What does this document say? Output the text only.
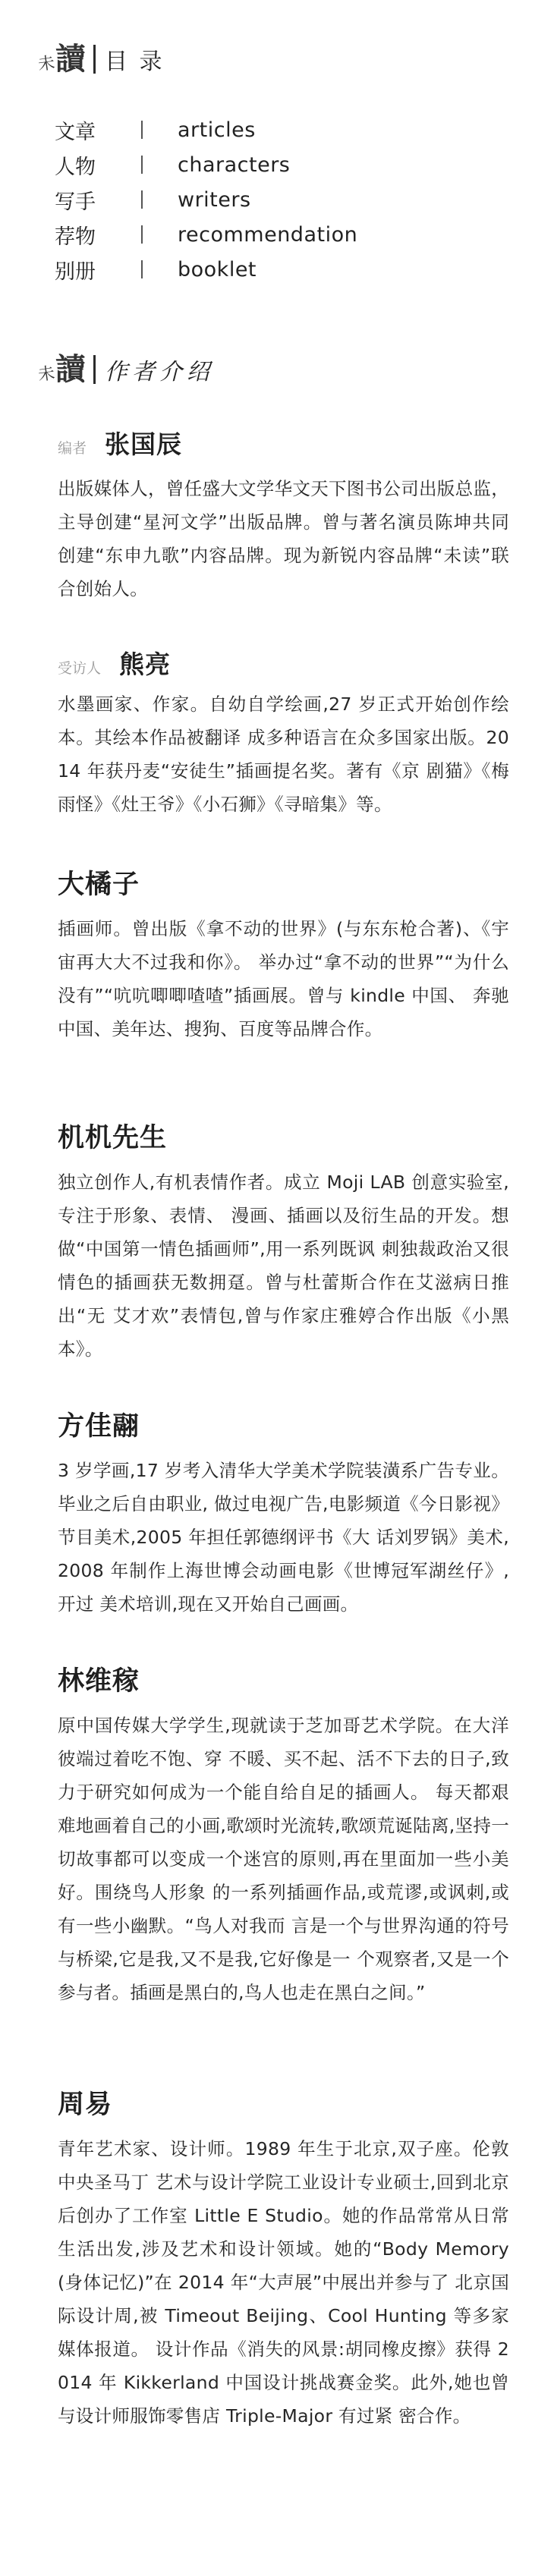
未 讀 目 录
文章	articles
人物	characters
写手	writers
荐物	recommendation
别册	booklet
未 讀 作者介绍
编者 张国辰
出版媒体人，曾任盛大文学华文天下图书公司出版总监，主导创建“星河文学”出版品牌。曾与著名演员陈坤共同创建“东申九歌”内容品牌。现为新锐内容品牌“未读”联合创始人。
受访人 熊亮
水墨画家、作家。自幼自学绘画,27 岁正式开始创作绘本。其绘本作品被翻译 成多种语言在众多国家出版。2014 年获丹麦“安徒生”插画提名奖。著有《京 剧猫》《梅雨怪》《灶王爷》《小石狮》《寻暗集》等。
大橘子
插画师。曾出版《拿不动的世界》(与东东枪合著)、《宇宙再大大不过我和你》。 举办过“拿不动的世界”“为什么没有”“吭吭唧唧喳喳”插画展。曾与 kindle 中国、 奔驰中国、美年达、搜狗、百度等品牌合作。
机机先生
独立创作人,有机表情作者。成立 Moji LAB 创意实验室,专注于形象、表情、 漫画、插画以及衍生品的开发。想做“中国第一情色插画师”,用一系列既讽 刺独裁政治又很情色的插画获无数拥趸。曾与杜蕾斯合作在艾滋病日推出“无 艾才欢”表情包,曾与作家庄雅婷合作出版《小黑本》。
方佳翮
3 岁学画,17 岁考入清华大学美术学院装潢系广告专业。毕业之后自由职业, 做过电视广告,电影频道《今日影视》节目美术,2005 年担任郭德纲评书《大 话刘罗锅》美术,2008 年制作上海世博会动画电影《世博冠军湖丝仔》,开过 美术培训,现在又开始自己画画。
林维稼
原中国传媒大学学生,现就读于芝加哥艺术学院。在大洋彼端过着吃不饱、穿 不暖、买不起、活不下去的日子,致力于研究如何成为一个能自给自足的插画人。 每天都艰难地画着自己的小画,歌颂时光流转,歌颂荒诞陆离,坚持一切故事都可以变成一个迷宫的原则,再在里面加一些小美好。围绕鸟人形象 的一系列插画作品,或荒谬,或讽刺,或有一些小幽默。“鸟人对我而 言是一个与世界沟通的符号与桥梁,它是我,又不是我,它好像是一 个观察者,又是一个参与者。插画是黑白的,鸟人也走在黑白之间。”
周易
青年艺术家、设计师。1989 年生于北京,双子座。伦敦中央圣马丁 艺术与设计学院工业设计专业硕士,回到北京后创办了工作室 Little E Studio。她的作品常常从日常生活出发,涉及艺术和设计领域。她的“Body Memory(身体记忆)”在 2014 年“大声展”中展出并参与了 北京国际设计周,被 Timeout Beijing、Cool Hunting 等多家媒体报道。 设计作品《消失的风景:胡同橡皮擦》获得 2014 年 Kikkerland 中国设计挑战赛金奖。此外,她也曾与设计师服饰零售店 Triple-Major 有过紧 密合作。
